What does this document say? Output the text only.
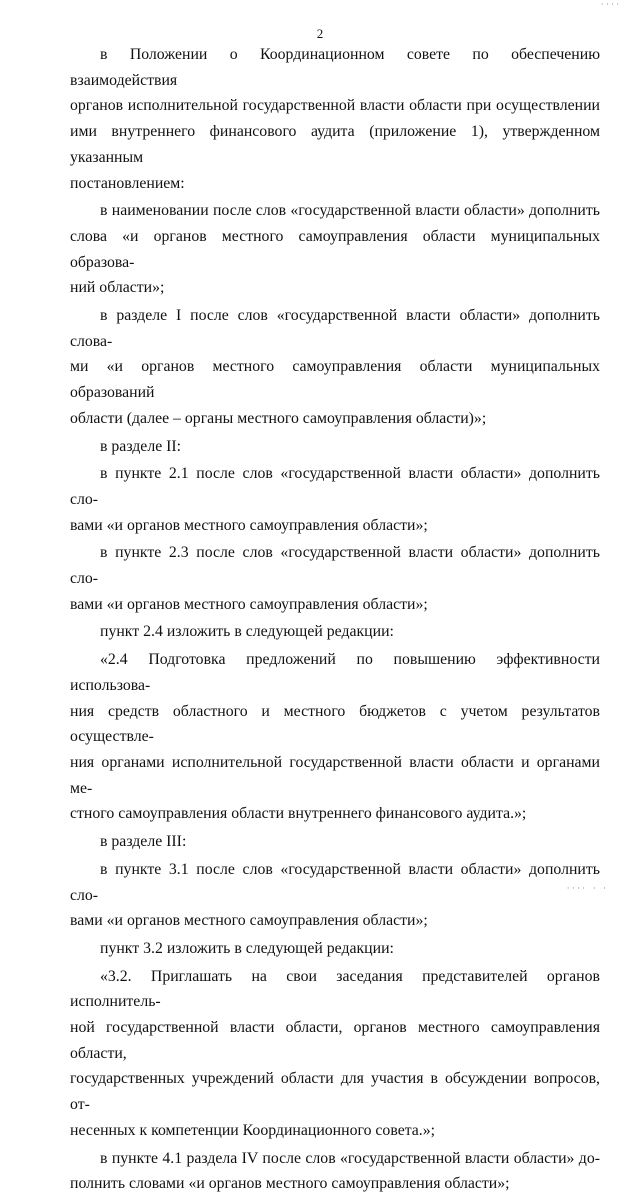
2

в Положении о Координационном совете по обеспечению взаимодействия
органов исполнительной государственной власти области при осуществлении
ими внутреннего финансового аудита (приложение 1), утвержденном указанным
постановлением:

в наименовании после слов «государственной власти области» дополнить
слова «и органов местного самоуправления области муниципальных образова-
ний области»;

в разделе I после слов «государственной власти области» дополнить слова-
ми «и органов местного самоуправления области муниципальных образований
области (далее – органы местного самоуправления области)»;

в разделе II:

в пункте 2.1 после слов «государственной власти области» дополнить сло-
вами «и органов местного самоуправления области»;

в пункте 2.3 после слов «государственной власти области» дополнить сло-
вами «и органов местного самоуправления области»;

пункт 2.4 изложить в следующей редакции:

«2.4 Подготовка предложений по повышению эффективности использова-
ния средств областного и местного бюджетов с учетом результатов осуществле-
ния органами исполнительной государственной власти области и органами ме-
стного самоуправления области внутреннего финансового аудита.»;

в разделе III:

в пункте 3.1 после слов «государственной власти области» дополнить сло-
вами «и органов местного самоуправления области»;

пункт 3.2 изложить в следующей редакции:

«3.2. Приглашать на свои заседания представителей органов исполнитель-
ной государственной власти области, органов местного самоуправления области,
государственных учреждений области для участия в обсуждении вопросов, от-
несенных к компетенции Координационного совета.»;

в пункте 4.1 раздела IV после слов «государственной власти области» до-
полнить словами «и органов местного самоуправления области»;

''''
'''' ' '
